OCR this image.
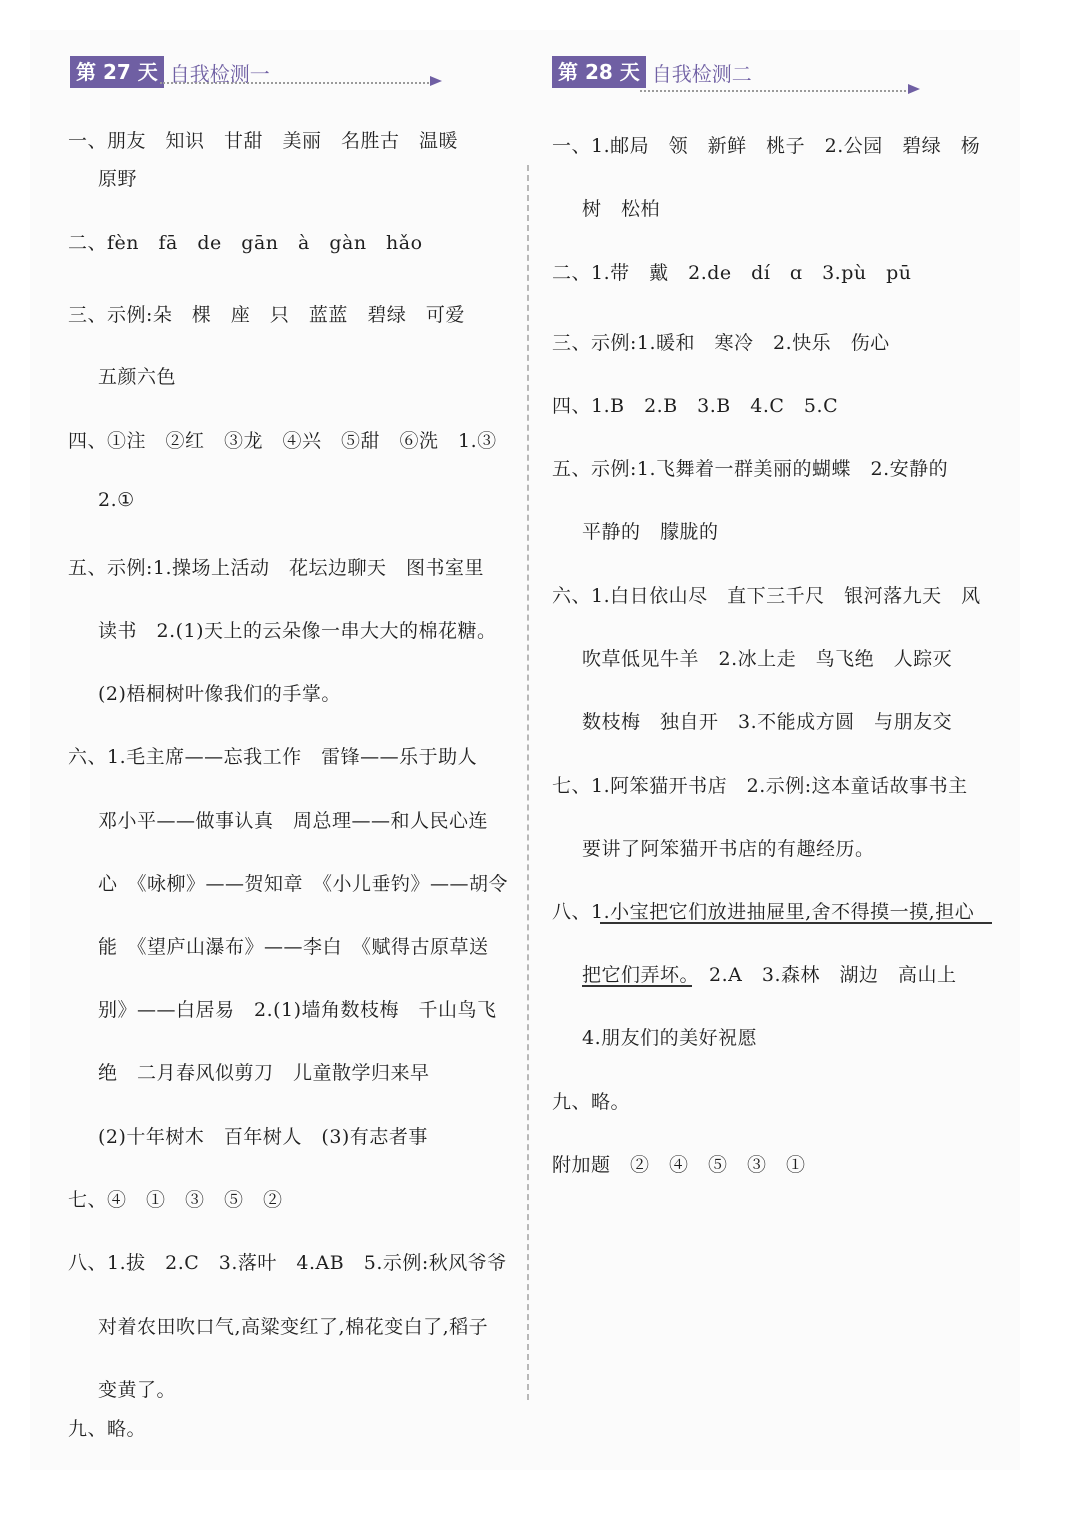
第 27 天 自我检测一	第 28 天 自我检测二
一、朋友　知识　甘甜　美丽　名胜古　温暖
原野
二、fèn　fā　de　gān　à　gàn　hǎo
三、示例:朵　棵　座　只　蓝蓝　碧绿　可爱
五颜六色
四、①注　②红　③龙　④兴　⑤甜　⑥洗　1.③
2.①
五、示例:1.操场上活动　花坛边聊天　图书室里
读书　2.(1)天上的云朵像一串大大的棉花糖。
(2)梧桐树叶像我们的手掌。
六、1.毛主席——忘我工作　雷锋——乐于助人
邓小平——做事认真　周总理——和人民心连
心　《咏柳》——贺知章　《小儿垂钓》——胡令
能　《望庐山瀑布》——李白　《赋得古原草送
别》——白居易　2.(1)墙角数枝梅　千山鸟飞
绝　二月春风似剪刀　儿童散学归来早
(2)十年树木　百年树人　(3)有志者事
七、④　①　③　⑤　②
八、1.拔　2.C　3.落叶　4.AB　5.示例:秋风爷爷
对着农田吹口气,高粱变红了,棉花变白了,稻子
变黄了。
九、略。
一、1.邮局　领　新鲜　桃子　2.公园　碧绿　杨
树　松柏
二、1.带　戴　2.de　dí　ɑ　3.pù　pū
三、示例:1.暖和　寒冷　2.快乐　伤心
四、1.B　2.B　3.B　4.C　5.C
五、示例:1.飞舞着一群美丽的蝴蝶　2.安静的
平静的　朦胧的
六、1.白日依山尽　直下三千尺　银河落九天　风
吹草低见牛羊　2.冰上走　鸟飞绝　人踪灭
数枝梅　独自开　3.不能成方圆　与朋友交
七、1.阿笨猫开书店　2.示例:这本童话故事书主
要讲了阿笨猫开书店的有趣经历。
八、1.小宝把它们放进抽屉里,舍不得摸一摸,担心
把它们弄坏。　2.A　3.森林　湖边　高山上
4.朋友们的美好祝愿
九、略。
附加题　②　④　⑤　③　①
